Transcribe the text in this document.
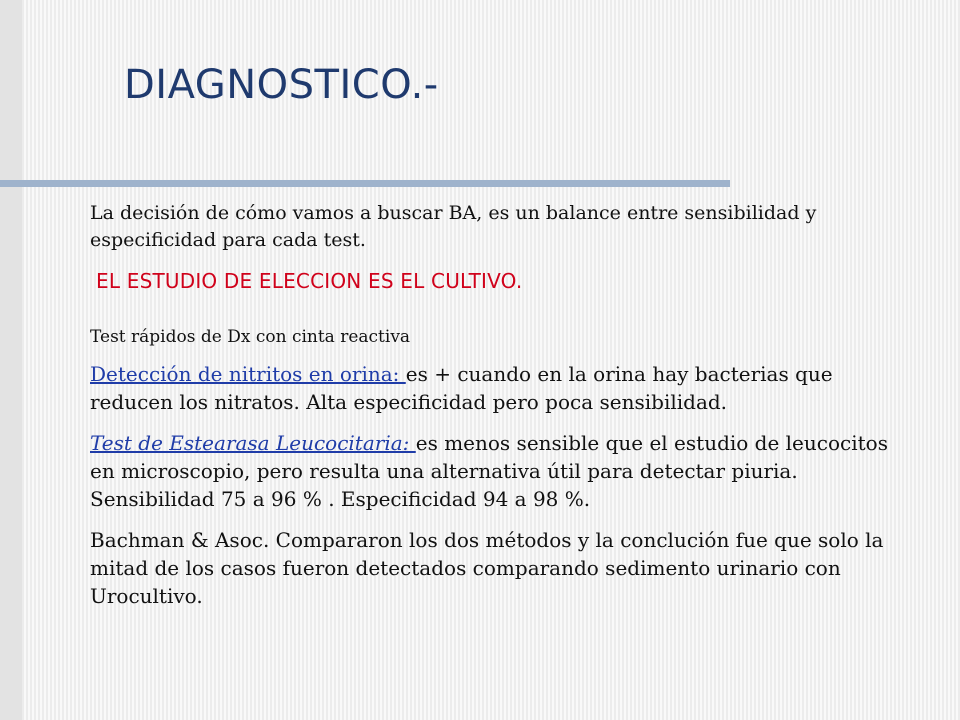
DIAGNOSTICO.-

La decisión de cómo vamos a buscar BA, es un balance entre sensibilidad y especificidad para cada test.

EL ESTUDIO DE ELECCION ES EL CULTIVO.

Test rápidos de Dx con cinta reactiva

Detección de nitritos en orina: es + cuando en la orina hay bacterias que reducen los nitratos. Alta especificidad pero poca sensibilidad.

Test de Estearasa Leucocitaria: es menos sensible que el estudio de leucocitos en microscopio, pero resulta una alternativa útil para detectar piuria. Sensibilidad 75 a 96 % . Especificidad 94 a 98 %.

Bachman & Asoc. Compararon los dos métodos y la conclución fue que solo la mitad de los casos fueron detectados comparando sedimento urinario con Urocultivo.
